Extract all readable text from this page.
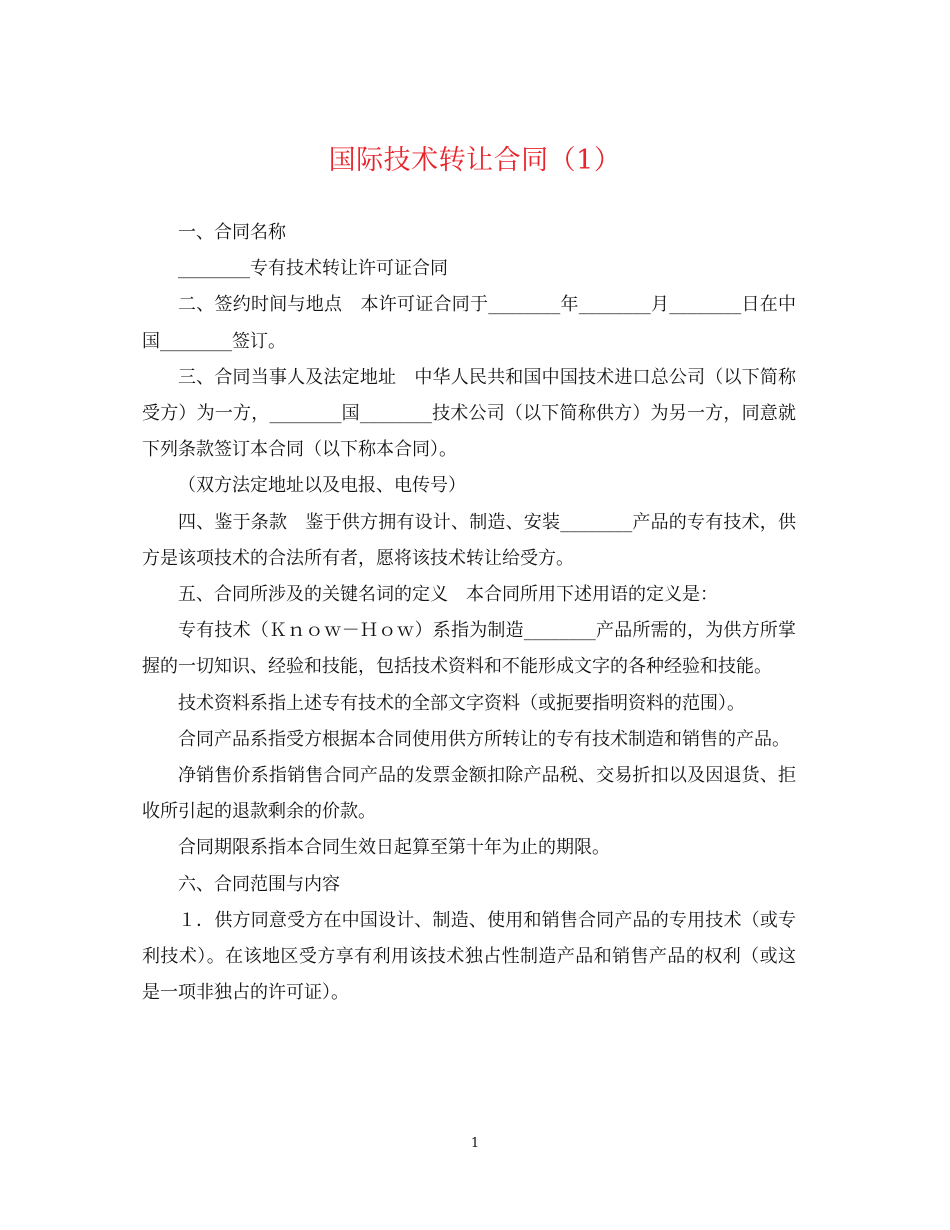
国际技术转让合同（1）

一、合同名称

________专有技术转让许可证合同

二、签约时间与地点　本许可证合同于________年________月________日在中国________签订。

三、合同当事人及法定地址　中华人民共和国中国技术进口总公司（以下简称受方）为一方，________国________技术公司（以下简称供方）为另一方，同意就下列条款签订本合同（以下称本合同）。

（双方法定地址以及电报、电传号）

四、鉴于条款　鉴于供方拥有设计、制造、安装________产品的专有技术，供方是该项技术的合法所有者，愿将该技术转让给受方。

五、合同所涉及的关键名词的定义　本合同所用下述用语的定义是：

专有技术（Ｋｎｏｗ－Ｈｏｗ）系指为制造________产品所需的，为供方所掌握的一切知识、经验和技能，包括技术资料和不能形成文字的各种经验和技能。

技术资料系指上述专有技术的全部文字资料（或扼要指明资料的范围）。

合同产品系指受方根据本合同使用供方所转让的专有技术制造和销售的产品。

净销售价系指销售合同产品的发票金额扣除产品税、交易折扣以及因退货、拒收所引起的退款剩余的价款。

合同期限系指本合同生效日起算至第十年为止的期限。

六、合同范围与内容

１．供方同意受方在中国设计、制造、使用和销售合同产品的专用技术（或专利技术）。在该地区受方享有利用该技术独占性制造产品和销售产品的权利（或这是一项非独占的许可证）。

1
